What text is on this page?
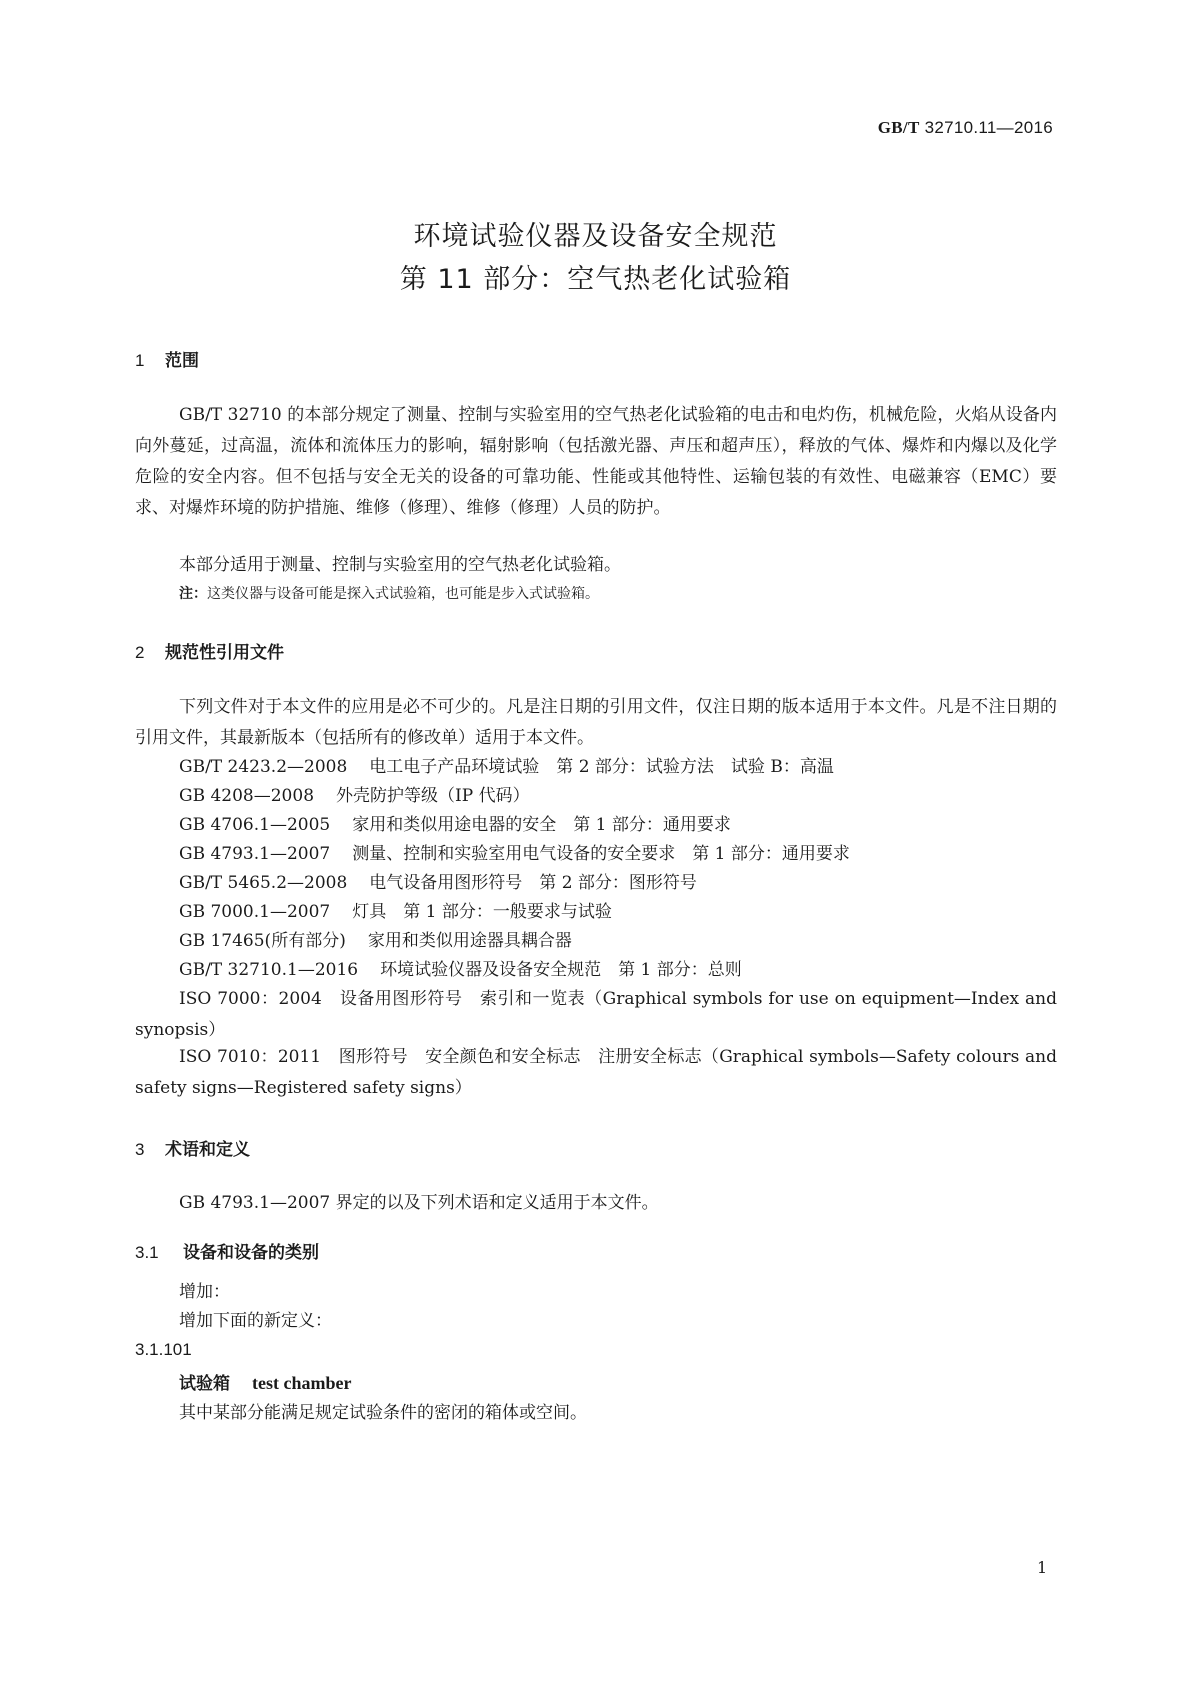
GB/T 32710.11—2016
环境试验仪器及设备安全规范
第 11 部分：空气热老化试验箱
1 范围
GB/T 32710 的本部分规定了测量、控制与实验室用的空气热老化试验箱的电击和电灼伤，机械危险，火焰从设备内向外蔓延，过高温，流体和流体压力的影响，辐射影响（包括激光器、声压和超声压），释放的气体、爆炸和内爆以及化学危险的安全内容。但不包括与安全无关的设备的可靠功能、性能或其他特性、运输包装的有效性、电磁兼容（EMC）要求、对爆炸环境的防护措施、维修（修理）、维修（修理）人员的防护。
本部分适用于测量、控制与实验室用的空气热老化试验箱。
注：这类仪器与设备可能是探入式试验箱，也可能是步入式试验箱。
2 规范性引用文件
下列文件对于本文件的应用是必不可少的。凡是注日期的引用文件，仅注日期的版本适用于本文件。凡是不注日期的引用文件，其最新版本（包括所有的修改单）适用于本文件。
GB/T 2423.2—2008 电工电子产品环境试验　第 2 部分：试验方法　试验 B：高温
GB 4208—2008 外壳防护等级（IP 代码）
GB 4706.1—2005 家用和类似用途电器的安全　第 1 部分：通用要求
GB 4793.1—2007 测量、控制和实验室用电气设备的安全要求　第 1 部分：通用要求
GB/T 5465.2—2008 电气设备用图形符号　第 2 部分：图形符号
GB 7000.1—2007 灯具　第 1 部分：一般要求与试验
GB 17465(所有部分) 家用和类似用途器具耦合器
GB/T 32710.1—2016 环境试验仪器及设备安全规范　第 1 部分：总则
ISO 7000：2004　设备用图形符号　索引和一览表（Graphical symbols for use on equipment—Index and synopsis）
ISO 7010：2011　图形符号　安全颜色和安全标志　注册安全标志（Graphical symbols—Safety colours and safety signs—Registered safety signs）
3 术语和定义
GB 4793.1—2007 界定的以及下列术语和定义适用于本文件。
3.1 设备和设备的类别
增加：
增加下面的新定义：
3.1.101
试验箱 test chamber
其中某部分能满足规定试验条件的密闭的箱体或空间。
1
